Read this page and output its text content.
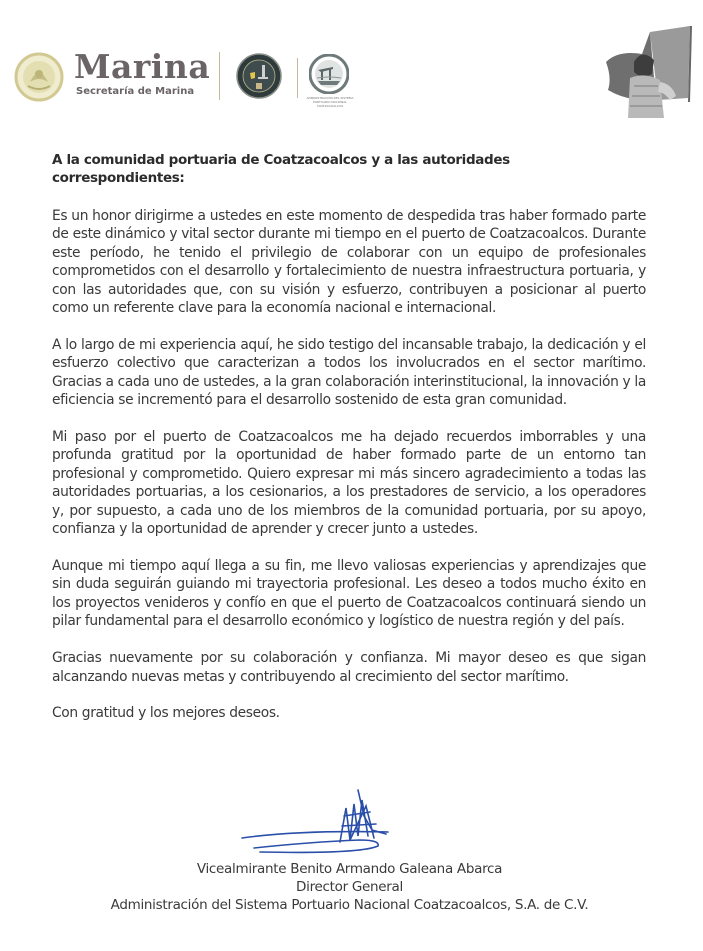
Marina
Secretaría de Marina
ADMINISTRACIÓN DEL SISTEMA PORTUARIO NACIONAL COATZACOALCOS

A la comunidad portuaria de Coatzacoalcos y a las autoridades correspondientes:

Es un honor dirigirme a ustedes en este momento de despedida tras haber formado parte de este dinámico y vital sector durante mi tiempo en el puerto de Coatzacoalcos. Durante este período, he tenido el privilegio de colaborar con un equipo de profesionales comprometidos con el desarrollo y fortalecimiento de nuestra infraestructura portuaria, y con las autoridades que, con su visión y esfuerzo, contribuyen a posicionar al puerto como un referente clave para la economía nacional e internacional.

A lo largo de mi experiencia aquí, he sido testigo del incansable trabajo, la dedicación y el esfuerzo colectivo que caracterizan a todos los involucrados en el sector marítimo. Gracias a cada uno de ustedes, a la gran colaboración interinstitucional, la innovación y la eficiencia se incrementó para el desarrollo sostenido de esta gran comunidad.

Mi paso por el puerto de Coatzacoalcos me ha dejado recuerdos imborrables y una profunda gratitud por la oportunidad de haber formado parte de un entorno tan profesional y comprometido. Quiero expresar mi más sincero agradecimiento a todas las autoridades portuarias, a los cesionarios, a los prestadores de servicio, a los operadores y, por supuesto, a cada uno de los miembros de la comunidad portuaria, por su apoyo, confianza y la oportunidad de aprender y crecer junto a ustedes.

Aunque mi tiempo aquí llega a su fin, me llevo valiosas experiencias y aprendizajes que sin duda seguirán guiando mi trayectoria profesional. Les deseo a todos mucho éxito en los proyectos venideros y confío en que el puerto de Coatzacoalcos continuará siendo un pilar fundamental para el desarrollo económico y logístico de nuestra región y del país.

Gracias nuevamente por su colaboración y confianza. Mi mayor deseo es que sigan alcanzando nuevas metas y contribuyendo al crecimiento del sector marítimo.

Con gratitud y los mejores deseos.

Vicealmirante Benito Armando Galeana Abarca
Director General
Administración del Sistema Portuario Nacional Coatzacoalcos, S.A. de C.V.
